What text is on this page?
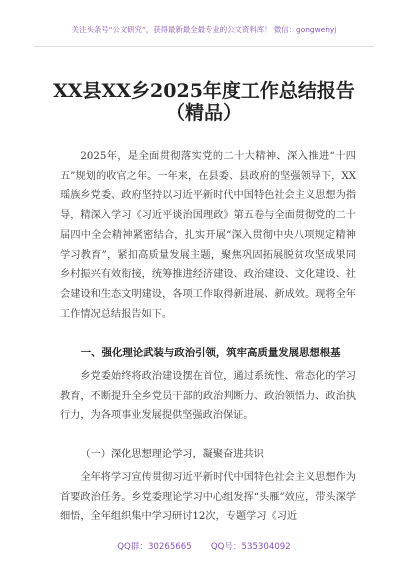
关注头条号“公文研究”，获得最新最全最专业的公文资料库！ 微信：gongwenyj
XX县XX乡2025年度工作总结报告
（精品）

2025年，是全面贯彻落实党的二十大精神、深入推进“十四五”规划的收官之年。一年来，在县委、县政府的坚强领导下，XX瑶族乡党委、政府坚持以习近平新时代中国特色社会主义思想为指导，精深入学习《习近平谈治国理政》第五卷与全面贯彻党的二十届四中全会精神紧密结合，扎实开展“深入贯彻中央八项规定精神学习教育”，紧扣高质量发展主题，聚焦巩固拓展脱贫攻坚成果同乡村振兴有效衔接，统筹推进经济建设、政治建设、文化建设、社会建设和生态文明建设，各项工作取得新进展、新成效。现将全年工作情况总结报告如下。

一、强化理论武装与政治引领，筑牢高质量发展思想根基

乡党委始终将政治建设摆在首位，通过系统性、常态化的学习教育，不断提升全乡党员干部的政治判断力、政治领悟力、政治执行力，为各项事业发展提供坚强政治保证。

（一）深化思想理论学习，凝聚奋进共识

全年将学习宣传贯彻习近平新时代中国特色社会主义思想作为首要政治任务。乡党委理论学习中心组发挥“头雁”效应，带头深学细悟，全年组织集中学习研讨12次，专题学习《习近

QQ群：30265665       QQ号：535304092
